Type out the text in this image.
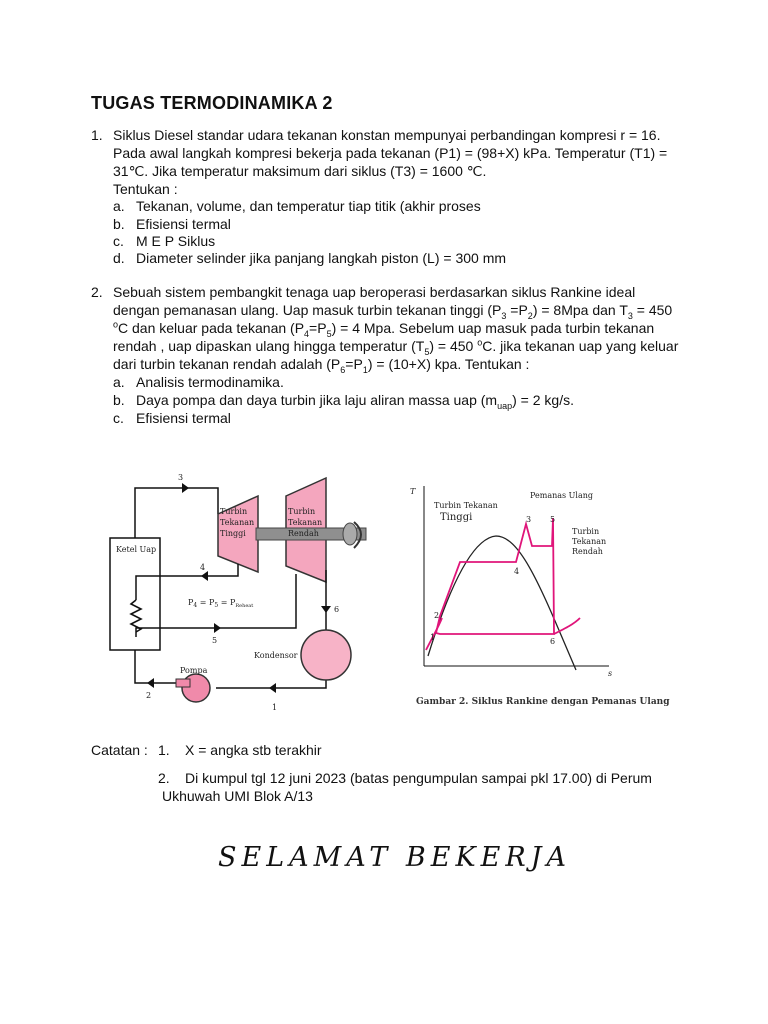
TUGAS TERMODINAMIKA 2
1. Siklus Diesel standar udara tekanan konstan mempunyai perbandingan kompresi r = 16.
Pada awal langkah kompresi bekerja pada tekanan (P1) = (98+X) kPa. Temperatur (T1) =
31℃. Jika temperatur maksimum dari siklus (T3) = 1600 ℃.
Tentukan :
a. Tekanan, volume, dan temperatur tiap titik (akhir proses
b. Efisiensi termal
c. M E P Siklus
d. Diameter selinder jika panjang langkah piston (L) = 300 mm
2. Sebuah sistem pembangkit tenaga uap beroperasi berdasarkan siklus Rankine ideal
dengan pemanasan ulang. Uap masuk turbin tekanan tinggi $(P_3 =P_2) = 8Mpa$ dan $T_3 = 450$
$^o$C dan keluar pada tekanan $(P_4=P_5) = 4$ Mpa. Sebelum uap masuk pada turbin tekanan
rendah , uap dipaskan ulang hingga temperatur $(T_5) = 450$ $^o$C. jika tekanan uap yang keluar
dari turbin tekanan rendah adalah $(P_6=P_1) = (10+X)$ kpa. Tentukan :
a. Analisis termodinamika.
b. Daya pompa dan daya turbin jika laju aliran massa uap $(m_{uap}) = 2$ kg/s.
c. Efisiensi termal
Ketel Uap
Turbin
Tekanan
Tinggi
Turbin
Tekanan
Rendah
Kondensor
Pompa
$P_4 = P_5 = P_{Reheat}$
3
4
5
6
1
2
T
s
Turbin Tekanan
Tinggi
Pemanas Ulang
Turbin
Tekanan
Rendah
3 5
4
6
1
2
Gambar 2. Siklus Rankine dengan Pemanas Ulang
Catatan : 1. X = angka stb terakhir
2. Di kumpul tgl 12 juni 2023 (batas pengumpulan sampai pkl 17.00) di Perum
Ukhuwah UMI Blok A/13
SELAMAT BEKERJA
